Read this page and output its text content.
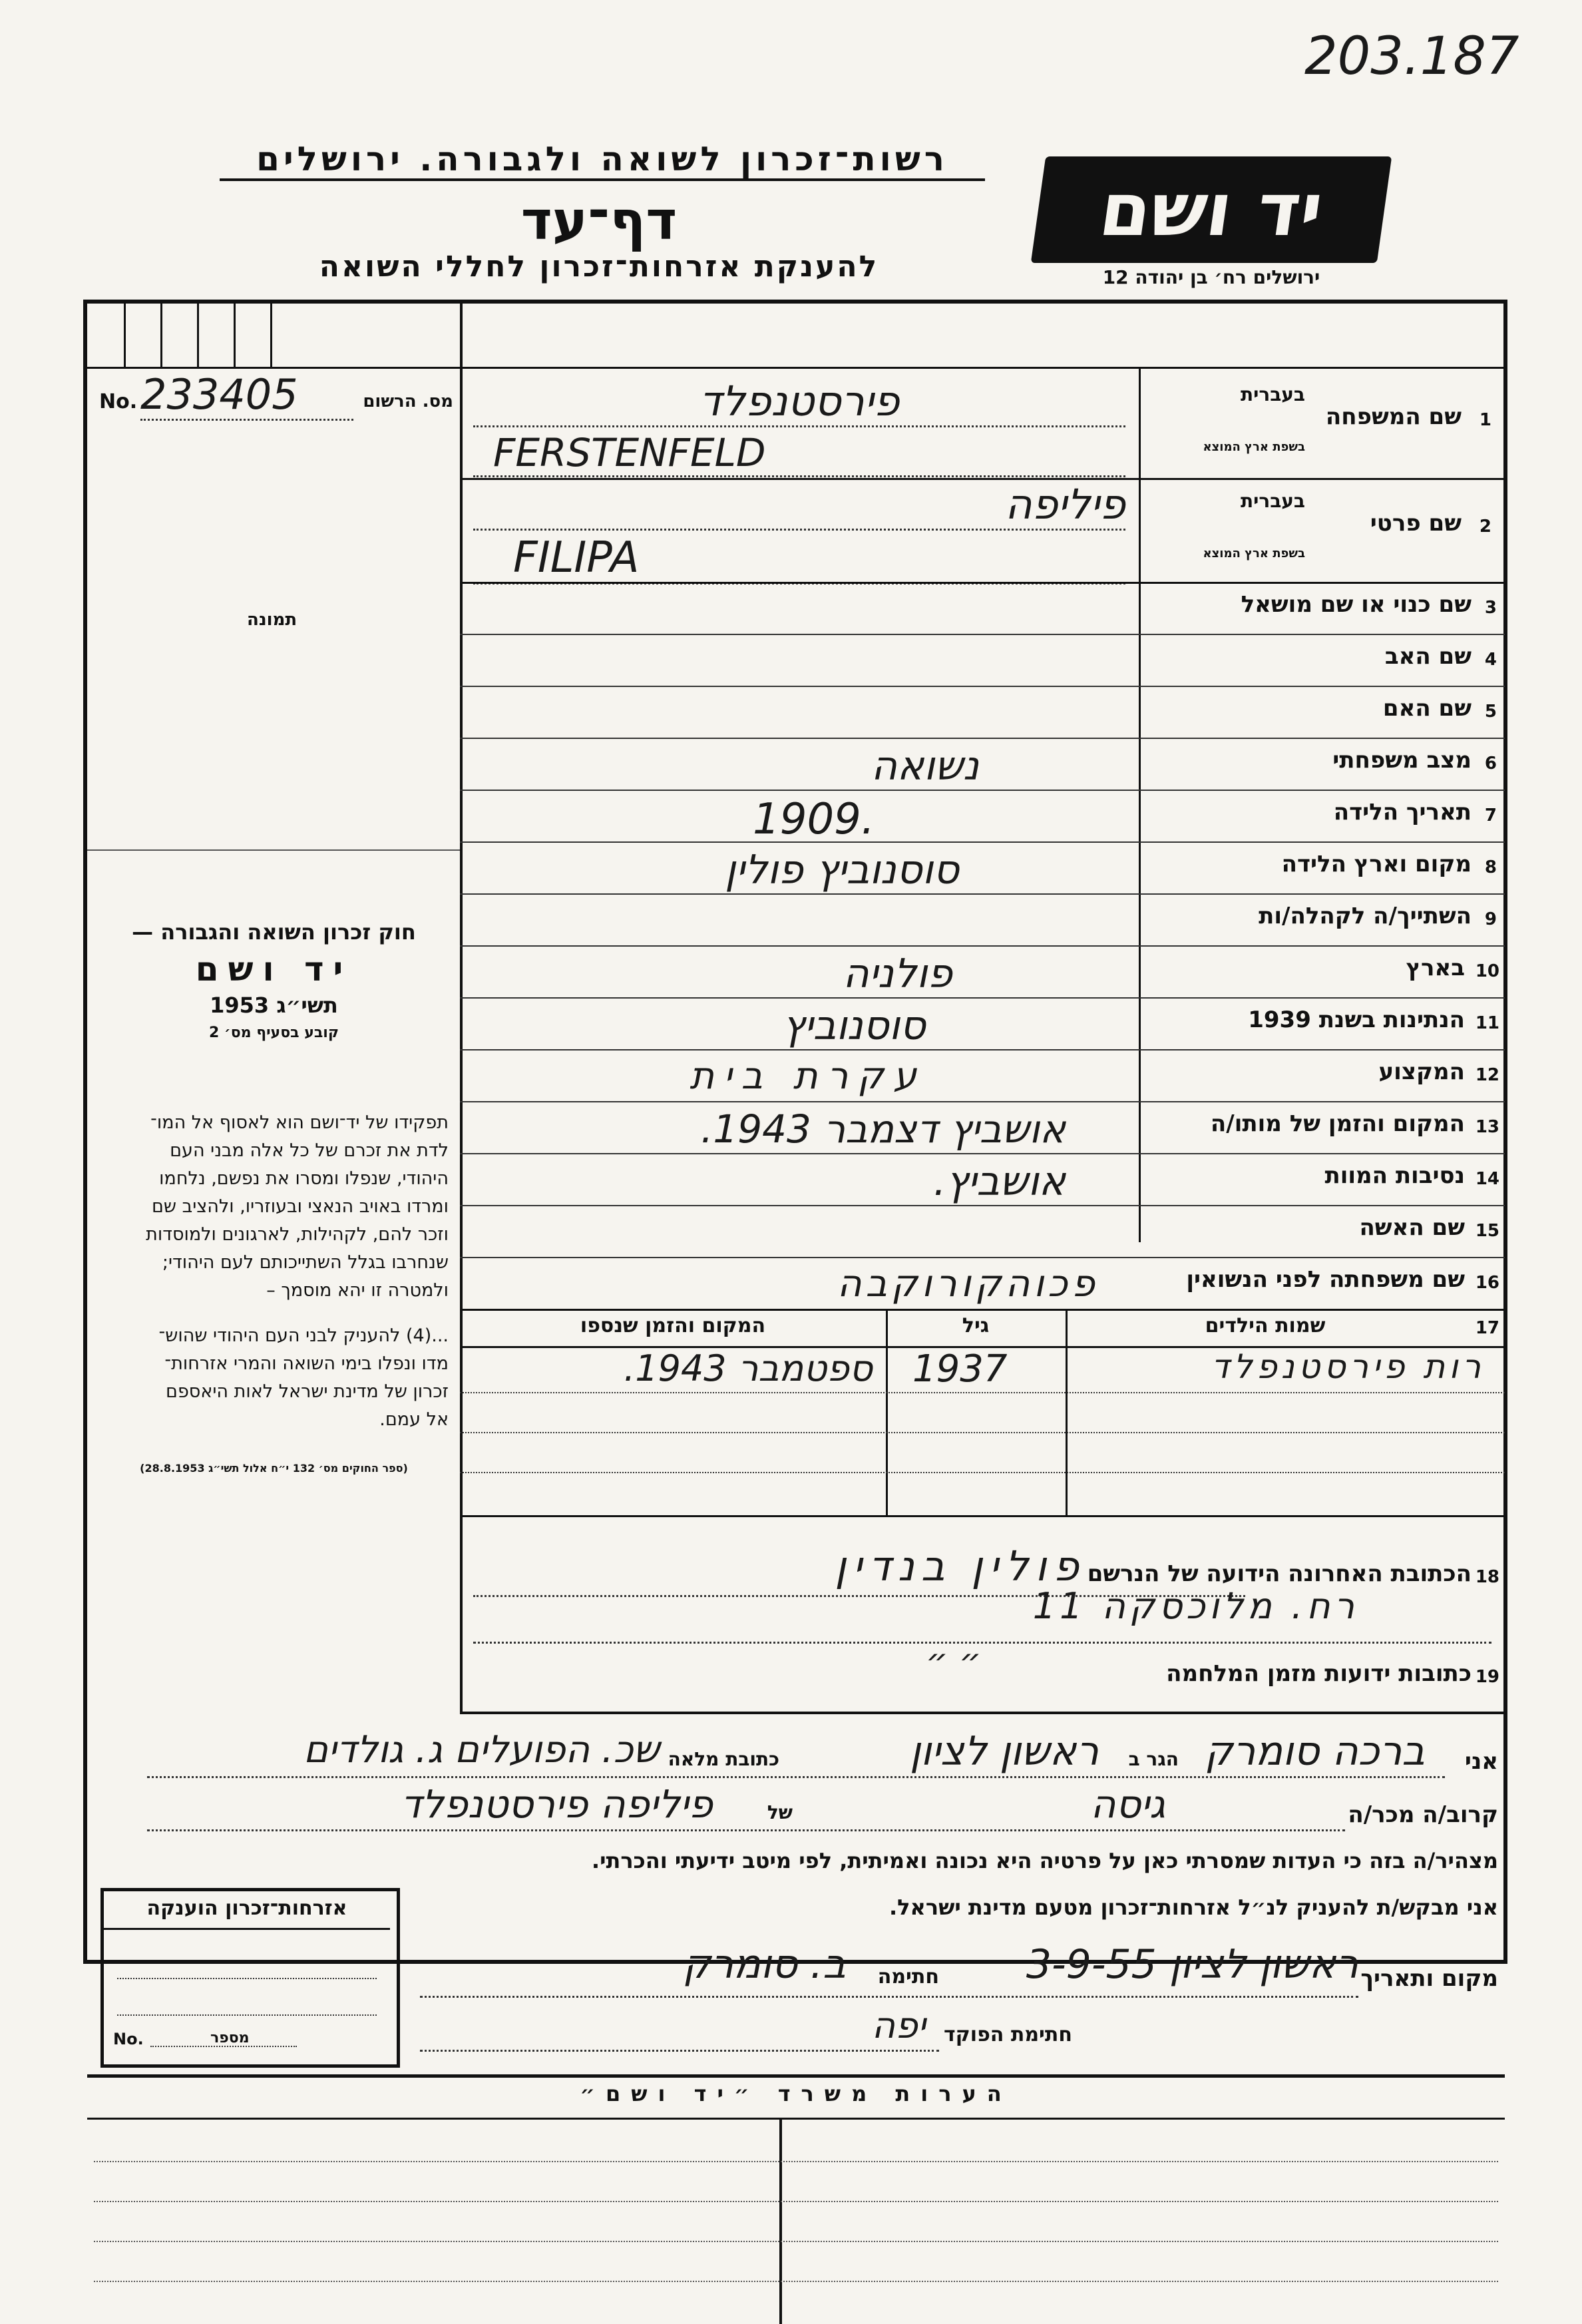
203.187
רשות־זכרון לשואה ולגבורה. ירושלים
דף־עד
להענקת אזרחות־זכרון לחללי השואה
יד ושם
ירושלים רח׳ בן יהודה 12
No. 233405	מס. הרשום
תמונה
חוק זכרון השואה והגבורה —
יד ושם
תשי״ג 1953
קובע בסעיף מס׳ 2
תפקידו של יד־ושם הוא לאסוף אל המו־
לדת את זכרם של כל אלה מבני העם
היהודי, שנפלו ומסרו את נפשם, נלחמו
ומרדו באויב הנאצי ובעוזריו, ולהציב שם
וזכר להם, לקהילות, לארגונים ולמוסדות
שנחרבו בגלל השתייכותם לעם היהודי;
ולמטרה זו יהא מוסמך –
...(4) להעניק לבני העם היהודי שהוש־
מדו ונפלו בימי השואה והמרי אזרחות־
זכרון של מדינת ישראל לאות היאספם
אל עמם.
(ספר החוקים מס׳ 132 י״ח אלול תשי״ג 28.8.1953)
1
שם המשפחה
בעברית
בשפת ארץ המוצא
פירסטנפלד
FERSTENFELD
2
שם פרטי
בעברית
בשפת ארץ המוצא
פיליפה
FILIPA
שם כנוי או שם מושאל 3
שם האב 4
שם האם 5
מצב משפחתי 6
נשואה
תאריך הלידה 7
1909.
מקום וארץ הלידה 8
סוסנוביץ פולין
השתייך/ה לקהלה/ות 9
בארץ 10
פולניה
הנתינות בשנת 1939 11
סוסנוביץ
המקצוע 12
עקרת בית
המקום והזמן של מותו/ה 13
אושביץ דצמבר 1943.
נסיבות המוות 14
אושביץ.
שם האשה 15
שם משפחתה לפני הנשואין 16
פכוהקורוקבה
17
שמות הילדים
גיל
המקום והזמן שנספו
רות פירסטנפלד
1937
ספטמבר 1943.
18
הכתובת האחרונה הידועה של הנרשם
פולין בנדין
רח. מלוכסקה 11
19
כתובות ידועות מזמן המלחמה
״ ״
אני
ברכה סומרק
הגר ב
ראשון לציון
כתובת מלאה
שכ. הפועלים ג. גולדים
קרוב/ה מכר/ה
גיסה
של
פיליפה פירסטנפלד
מצהיר/ה בזה כי העדות שמסרתי כאן על פרטיה היא נכונה ואמיתית, לפי מיטב ידיעתי והכרתי.
אני מבקש/ת להעניק לנ״ל אזרחות־זכרון מטעם מדינת ישראל.
אזרחות־זכרון הוענקה
No.	מספר
מקום ותאריך
ראשון לציון 3-9-55
חתימה
ב. סומרק
חתימת הפוקד
יפה
הערות משרד ״יד ושם״
